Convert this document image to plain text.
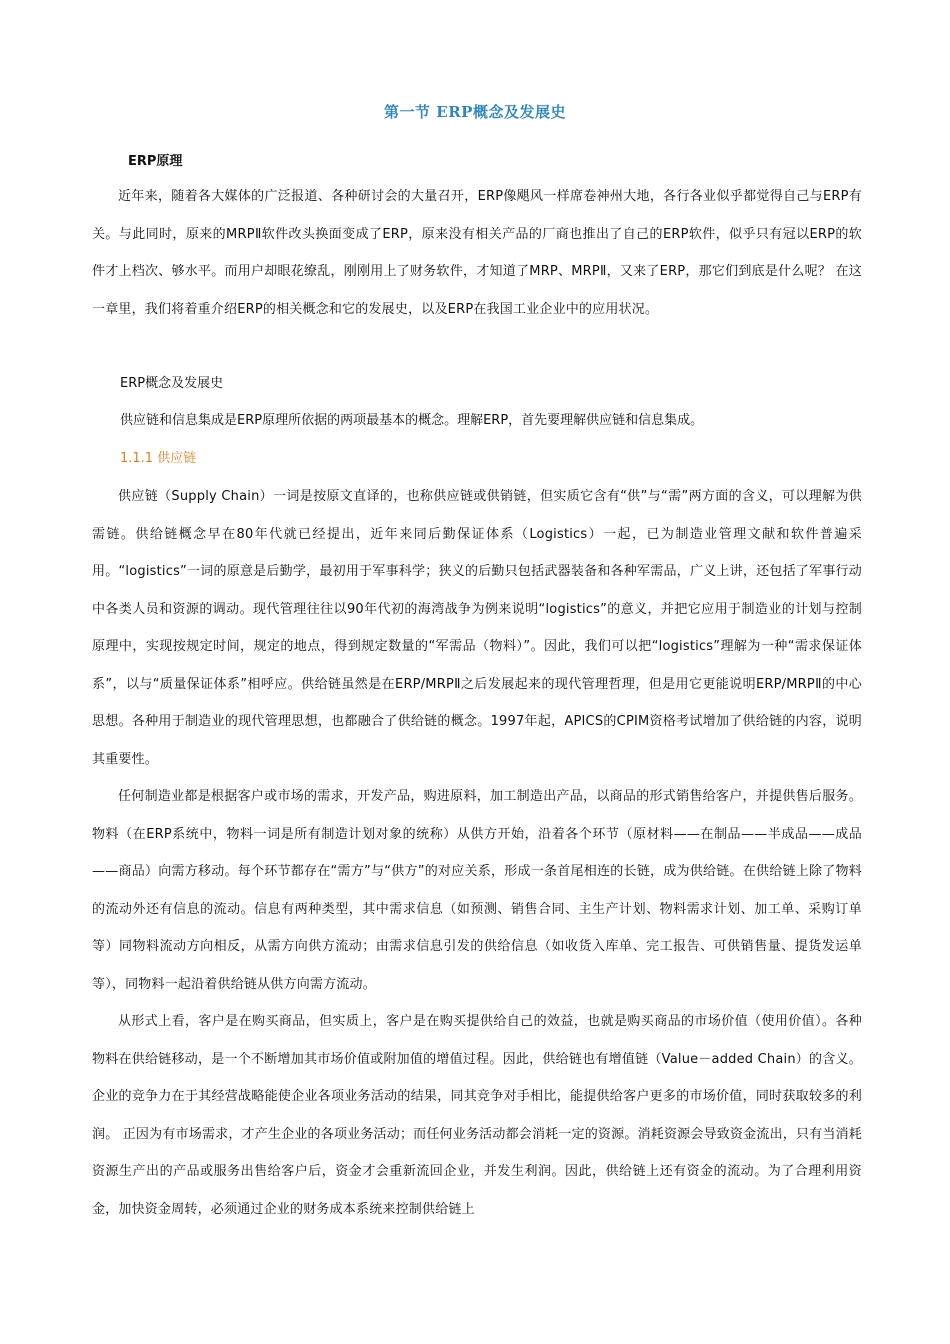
第一节 ERP概念及发展史
ERP原理

近年来，随着各大媒体的广泛报道、各种研讨会的大量召开，ERP像飓风一样席卷神州大地，各行各业似乎都觉得自己与ERP有关。与此同时，原来的MRPⅡ软件改头换面变成了ERP，原来没有相关产品的厂商也推出了自己的ERP软件，似乎只有冠以ERP的软件才上档次、够水平。而用户却眼花缭乱，刚刚用上了财务软件，才知道了MRP、MRPⅡ，又来了ERP，那它们到底是什么呢？ 在这一章里，我们将着重介绍ERP的相关概念和它的发展史，以及ERP在我国工业企业中的应用状况。

ERP概念及发展史
供应链和信息集成是ERP原理所依据的两项最基本的概念。理解ERP，首先要理解供应链和信息集成。
1.1.1 供应链

供应链（Supply Chain）一词是按原文直译的，也称供应链或供销链，但实质它含有“供”与“需”两方面的含义，可以理解为供需链。供给链概念早在80年代就已经提出，近年来同后勤保证体系（Logistics）一起，已为制造业管理文献和软件普遍采用。“logistics”一词的原意是后勤学，最初用于军事科学；狭义的后勤只包括武器装备和各种军需品，广义上讲，还包括了军事行动中各类人员和资源的调动。现代管理往往以90年代初的海湾战争为例来说明“logistics”的意义，并把它应用于制造业的计划与控制原理中，实现按规定时间，规定的地点，得到规定数量的“军需品（物料）”。因此，我们可以把“logistics”理解为一种“需求保证体系”，以与“质量保证体系”相呼应。供给链虽然是在ERP/MRPⅡ之后发展起来的现代管理哲理，但是用它更能说明ERP/MRPⅡ的中心思想。各种用于制造业的现代管理思想，也都融合了供给链的概念。1997年起，APICS的CPIM资格考试增加了供给链的内容，说明其重要性。

任何制造业都是根据客户或市场的需求，开发产品，购进原料，加工制造出产品，以商品的形式销售给客户，并提供售后服务。物料（在ERP系统中，物料一词是所有制造计划对象的统称）从供方开始，沿着各个环节（原材料——在制品——半成品——成品——商品）向需方移动。每个环节都存在“需方”与“供方”的对应关系，形成一条首尾相连的长链，成为供给链。在供给链上除了物料的流动外还有信息的流动。信息有两种类型，其中需求信息（如预测、销售合同、主生产计划、物料需求计划、加工单、采购订单等）同物料流动方向相反，从需方向供方流动；由需求信息引发的供给信息（如收货入库单、完工报告、可供销售量、提货发运单等），同物料一起沿着供给链从供方向需方流动。

从形式上看，客户是在购买商品，但实质上，客户是在购买提供给自己的效益，也就是购买商品的市场价值（使用价值）。各种物料在供给链移动，是一个不断增加其市场价值或附加值的增值过程。因此，供给链也有增值链（Value－added Chain）的含义。企业的竞争力在于其经营战略能使企业各项业务活动的结果，同其竞争对手相比，能提供给客户更多的市场价值，同时获取较多的利润。 正因为有市场需求，才产生企业的各项业务活动；而任何业务活动都会消耗一定的资源。消耗资源会导致资金流出，只有当消耗资源生产出的产品或服务出售给客户后，资金才会重新流回企业，并发生利润。因此，供给链上还有资金的流动。为了合理利用资金，加快资金周转，必须通过企业的财务成本系统来控制供给链上
